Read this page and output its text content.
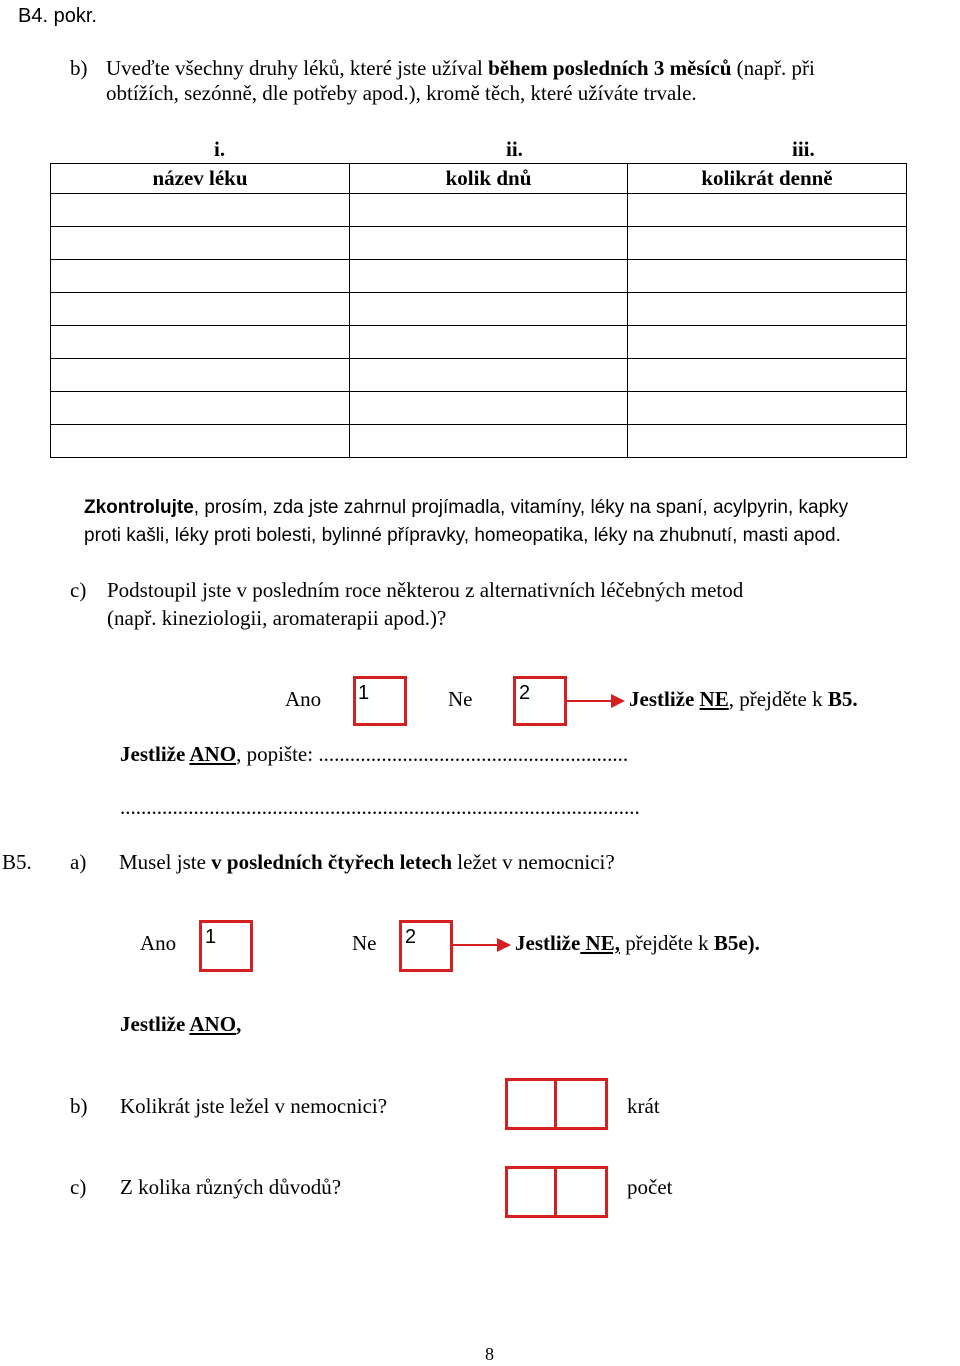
B4. pokr.
b) Uveďte všechny druhy léků, které jste užíval během posledních 3 měsíců (např. při
obtížích, sezónně, dle potřeby apod.), kromě těch, které užíváte trvale.
i.	ii.	iii.
název léku	kolik dnů	kolikrát denně

Zkontrolujte, prosím, zda jste zahrnul projímadla, vitamíny, léky na spaní, acylpyrin, kapky
proti kašli, léky proti bolesti, bylinné přípravky, homeopatika, léky na zhubnutí, masti apod.
c) Podstoupil jste v posledním roce některou z alternativních léčebných metod
(např. kineziologii, aromaterapii apod.)?
Ano 1	Ne 2	Jestliže NE, přejděte k B5.
Jestliže ANO, popište: ...........................................................
...................................................................................................
B5. a) Musel jste v posledních čtyřech letech ležet v nemocnici?
Ano 1	Ne 2	Jestliže NE, přejděte k B5e).
Jestliže ANO,
b) Kolikrát jste ležel v nemocnici?	krát
c) Z kolika různých důvodů?	počet
8
